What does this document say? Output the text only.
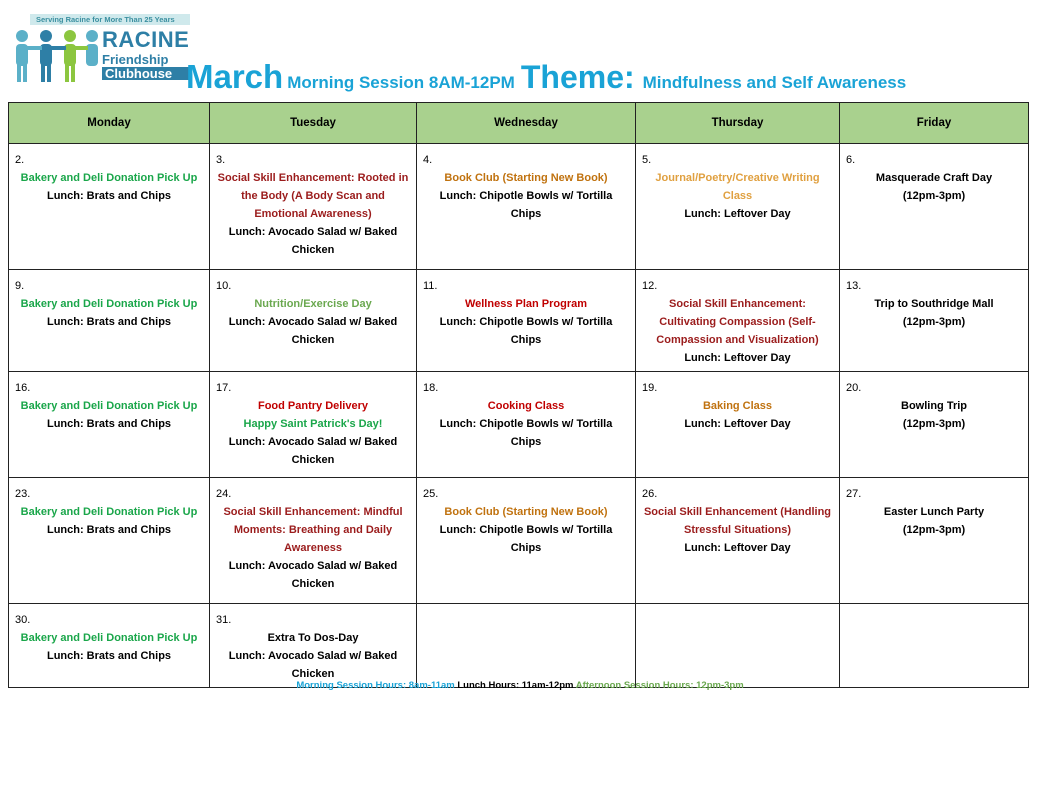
Serving Racine for More Than 25 Years
RACINE
Friendship
Clubhouse March Morning Session 8AM-12PM Theme: Mindfulness and Self Awareness
Monday	Tuesday	Wednesday	Thursday	Friday

2.
Bakery and Deli Donation Pick Up
Lunch: Brats and Chips	3.
Social Skill Enhancement: Rooted in the Body (A Body Scan and Emotional Awareness)
Lunch: Avocado Salad w/ Baked Chicken	4.
Book Club (Starting New Book)
Lunch: Chipotle Bowls w/ Tortilla Chips	5.
Journal/Poetry/Creative Writing Class
Lunch: Leftover Day	6.
Masquerade Craft Day
(12pm-3pm)

9.
Bakery and Deli Donation Pick Up
Lunch: Brats and Chips	10.
Nutrition/Exercise Day
Lunch: Avocado Salad w/ Baked Chicken	11.
Wellness Plan Program
Lunch: Chipotle Bowls w/ Tortilla Chips	12.
Social Skill Enhancement: Cultivating Compassion (Self-Compassion and Visualization)
Lunch: Leftover Day	13.
Trip to Southridge Mall
(12pm-3pm)

16.
Bakery and Deli Donation Pick Up
Lunch: Brats and Chips	17.
Food Pantry Delivery
Happy Saint Patrick's Day!
Lunch: Avocado Salad w/ Baked Chicken	18.
Cooking Class
Lunch: Chipotle Bowls w/ Tortilla Chips	19.
Baking Class
Lunch: Leftover Day	20.
Bowling Trip
(12pm-3pm)

23.
Bakery and Deli Donation Pick Up
Lunch: Brats and Chips	24.
Social Skill Enhancement: Mindful Moments: Breathing and Daily Awareness
Lunch: Avocado Salad w/ Baked Chicken	25.
Book Club (Starting New Book)
Lunch: Chipotle Bowls w/ Tortilla Chips	26.
Social Skill Enhancement (Handling Stressful Situations)
Lunch: Leftover Day	27.
Easter Lunch Party
(12pm-3pm)

30.
Bakery and Deli Donation Pick Up
Lunch: Brats and Chips	31.
Extra To Dos-Day
Lunch: Avocado Salad w/ Baked Chicken			

Morning Session Hours: 8am-11am Lunch Hours: 11am-12pm Afternoon Session Hours: 12pm-3pm
